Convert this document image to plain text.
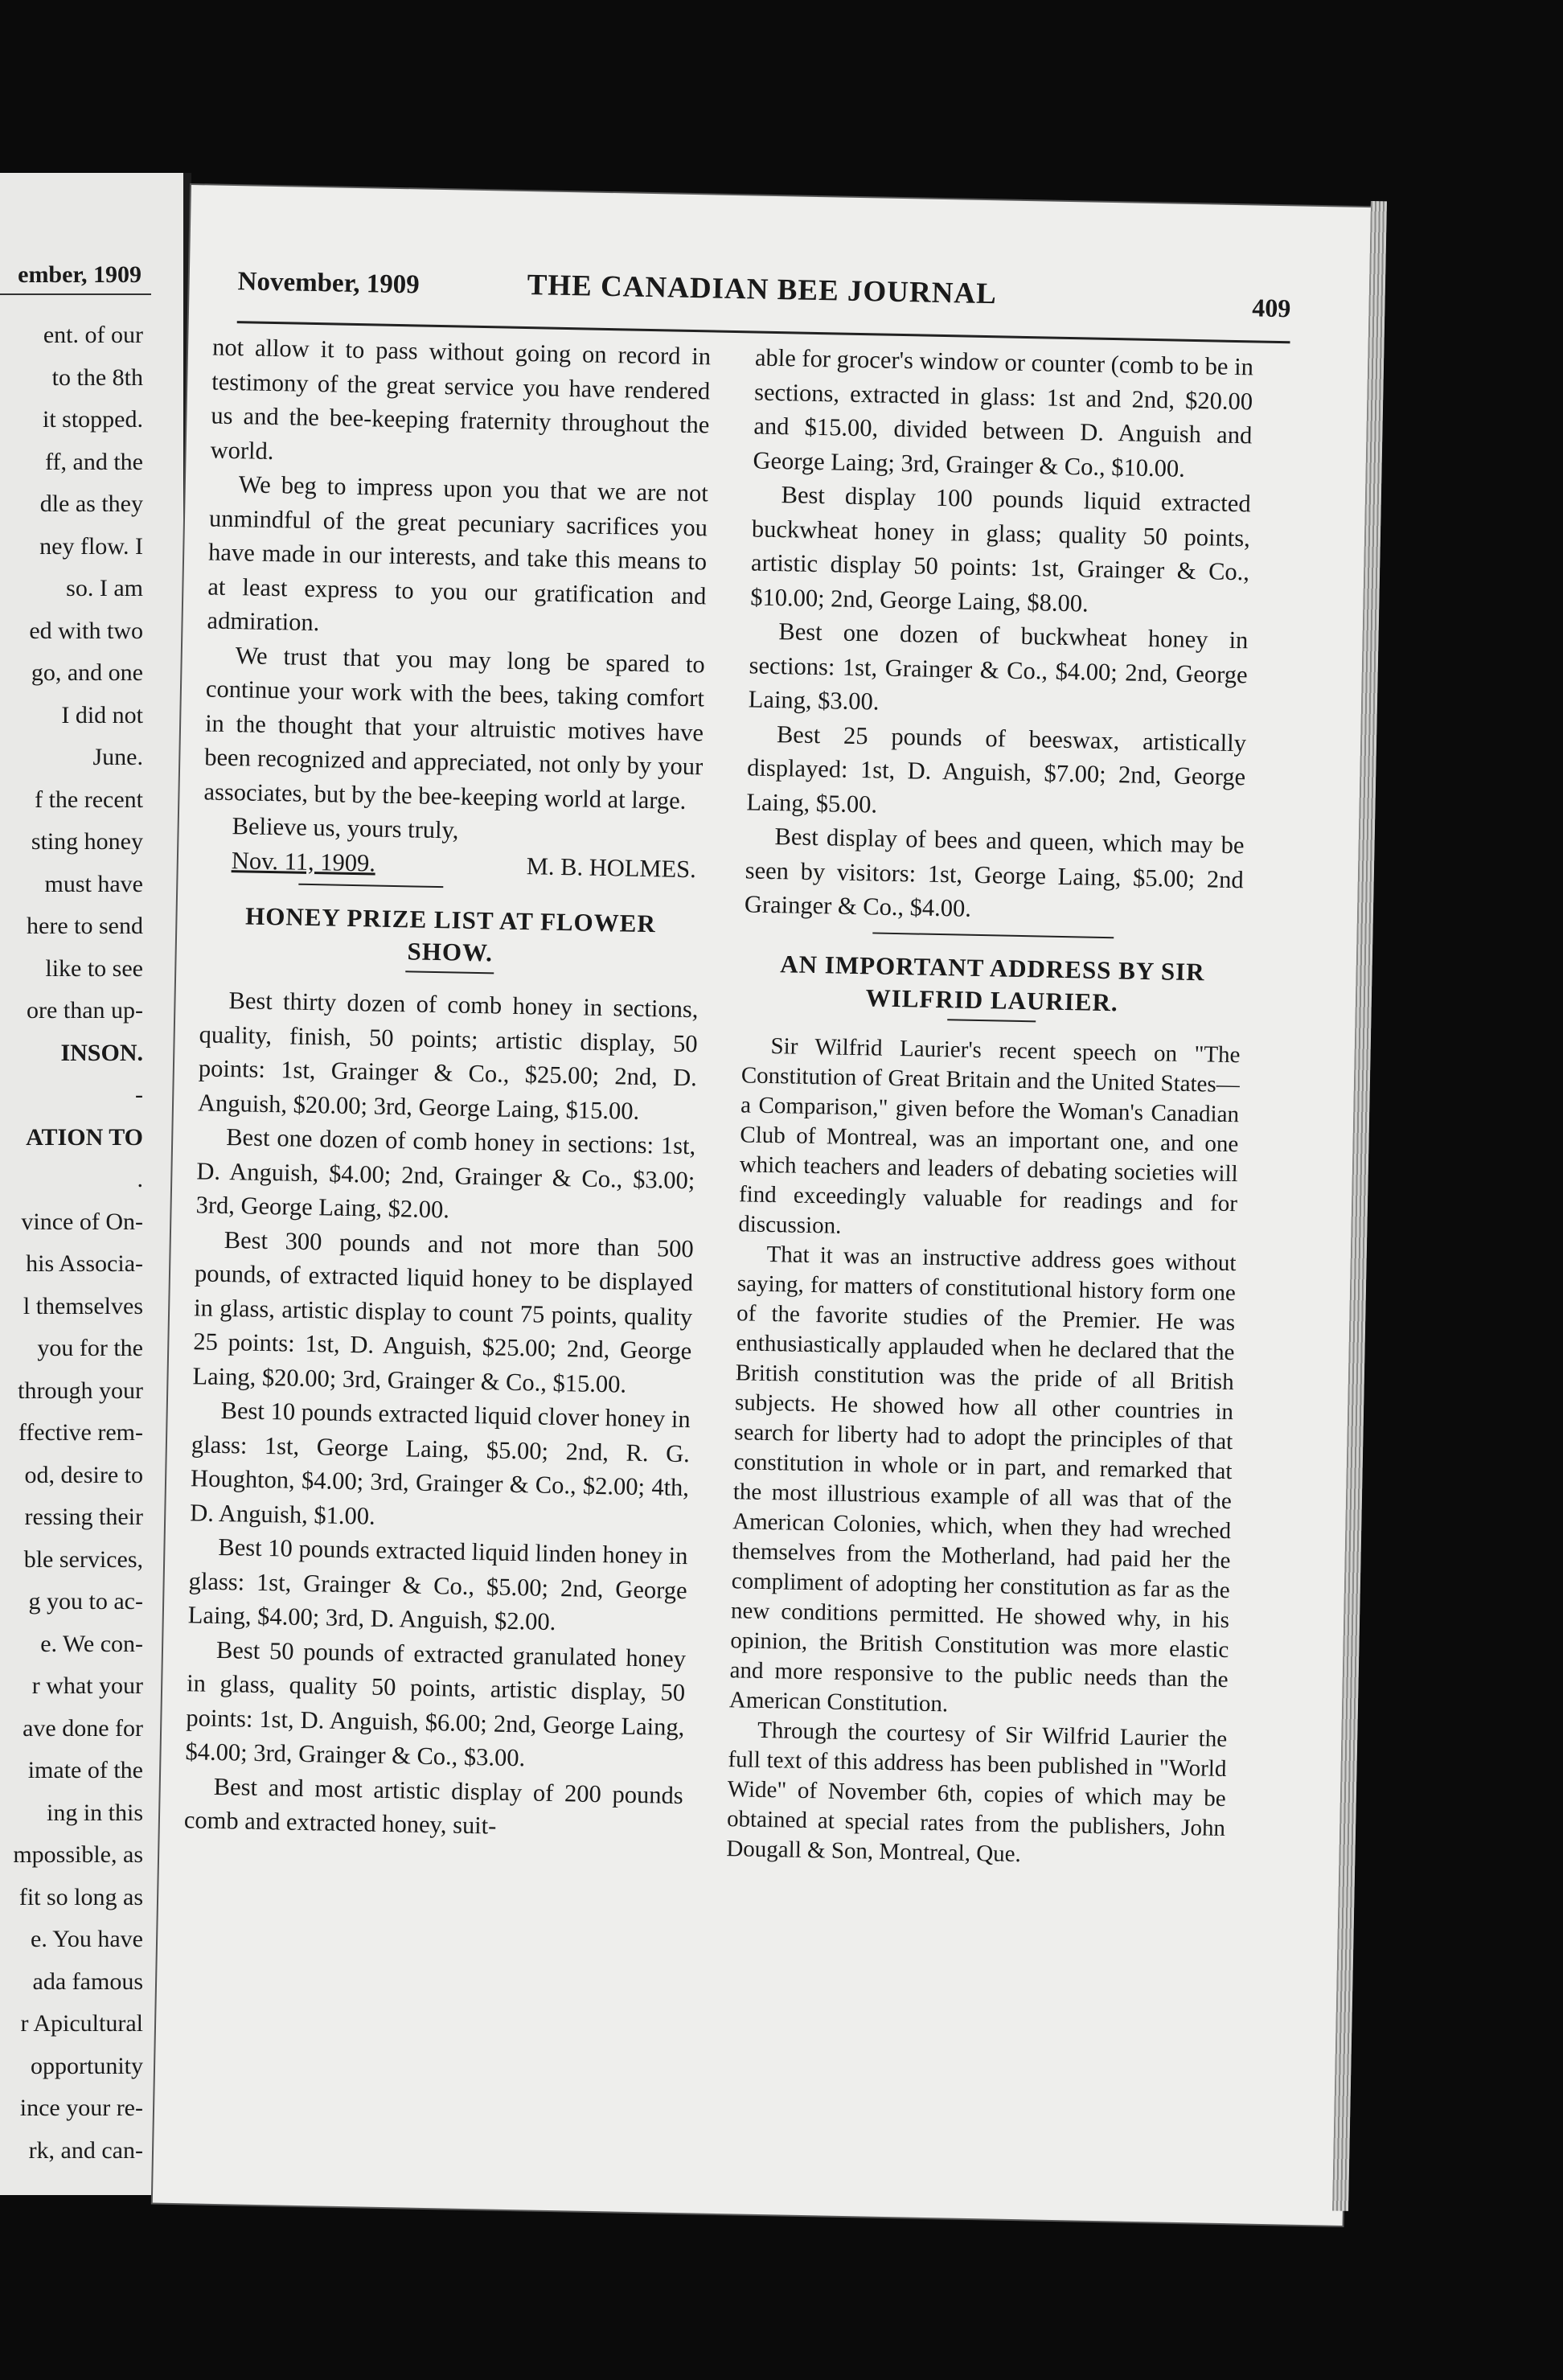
ember, 1909
ent. of our
to the 8th
it stopped.
ff, and the
dle as they
ney flow. I
so. I am
ed with two
go, and one
I did not
June.
f the recent
sting honey
must have
here to send
like to see
ore than up-
INSON.
-
ATION TO
.
vince of On-
his Associa-
l themselves
you for the
through your
ffective rem-
od, desire to
ressing their
ble services,
g you to ac-
e. We con-
r what your
ave done for
imate of the
ing in this
mpossible, as
fit so long as
e. You have
ada famous
r Apicultural
opportunity
ince your re-
rk, and can-
November, 1909	THE CANADIAN BEE JOURNAL	409

not allow it to pass without going on record in testimony of the great service you have rendered us and the bee-keeping fraternity throughout the world.

We beg to impress upon you that we are not unmindful of the great pecuniary sacrifices you have made in our interests, and take this means to at least express to you our gratification and admiration.

We trust that you may long be spared to continue your work with the bees, taking comfort in the thought that your altruistic motives have been recognized and appreciated, not only by your associates, but by the bee-keeping world at large.

Believe us, yours truly,

Nov. 11, 1909.	M. B. HOLMES.
HONEY PRIZE LIST AT FLOWER SHOW.

Best thirty dozen of comb honey in sections, quality, finish, 50 points; artistic display, 50 points: 1st, Grainger & Co., $25.00; 2nd, D. Anguish, $20.00; 3rd, George Laing, $15.00.

Best one dozen of comb honey in sections: 1st, D. Anguish, $4.00; 2nd, Grainger & Co., $3.00; 3rd, George Laing, $2.00.

Best 300 pounds and not more than 500 pounds, of extracted liquid honey to be displayed in glass, artistic display to count 75 points, quality 25 points: 1st, D. Anguish, $25.00; 2nd, George Laing, $20.00; 3rd, Grainger & Co., $15.00.

Best 10 pounds extracted liquid clover honey in glass: 1st, George Laing, $5.00; 2nd, R. G. Houghton, $4.00; 3rd, Grainger & Co., $2.00; 4th, D. Anguish, $1.00.

Best 10 pounds extracted liquid linden honey in glass: 1st, Grainger & Co., $5.00; 2nd, George Laing, $4.00; 3rd, D. Anguish, $2.00.

Best 50 pounds of extracted granulated honey in glass, quality 50 points, artistic display, 50 points: 1st, D. Anguish, $6.00; 2nd, George Laing, $4.00; 3rd, Grainger & Co., $3.00.

Best and most artistic display of 200 pounds comb and extracted honey, suit-

able for grocer's window or counter (comb to be in sections, extracted in glass: 1st and 2nd, $20.00 and $15.00, divided between D. Anguish and George Laing; 3rd, Grainger & Co., $10.00.

Best display 100 pounds liquid extracted buckwheat honey in glass; quality 50 points, artistic display 50 points: 1st, Grainger & Co., $10.00; 2nd, George Laing, $8.00.

Best one dozen of buckwheat honey in sections: 1st, Grainger & Co., $4.00; 2nd, George Laing, $3.00.

Best 25 pounds of beeswax, artistically displayed: 1st, D. Anguish, $7.00; 2nd, George Laing, $5.00.

Best display of bees and queen, which may be seen by visitors: 1st, George Laing, $5.00; 2nd Grainger & Co., $4.00.

AN IMPORTANT ADDRESS BY SIR WILFRID LAURIER.

Sir Wilfrid Laurier's recent speech on "The Constitution of Great Britain and the United States—a Comparison," given before the Woman's Canadian Club of Montreal, was an important one, and one which teachers and leaders of debating societies will find exceedingly valuable for readings and for discussion.

That it was an instructive address goes without saying, for matters of constitutional history form one of the favorite studies of the Premier. He was enthusiastically applauded when he declared that the British constitution was the pride of all British subjects. He showed how all other countries in search for liberty had to adopt the principles of that constitution in whole or in part, and remarked that the most illustrious example of all was that of the American Colonies, which, when they had wreched themselves from the Motherland, had paid her the compliment of adopting her constitution as far as the new conditions permitted. He showed why, in his opinion, the British Constitution was more elastic and more responsive to the public needs than the American Constitution.

Through the courtesy of Sir Wilfrid Laurier the full text of this address has been published in "World Wide" of November 6th, copies of which may be obtained at special rates from the publishers, John Dougall & Son, Montreal, Que.
